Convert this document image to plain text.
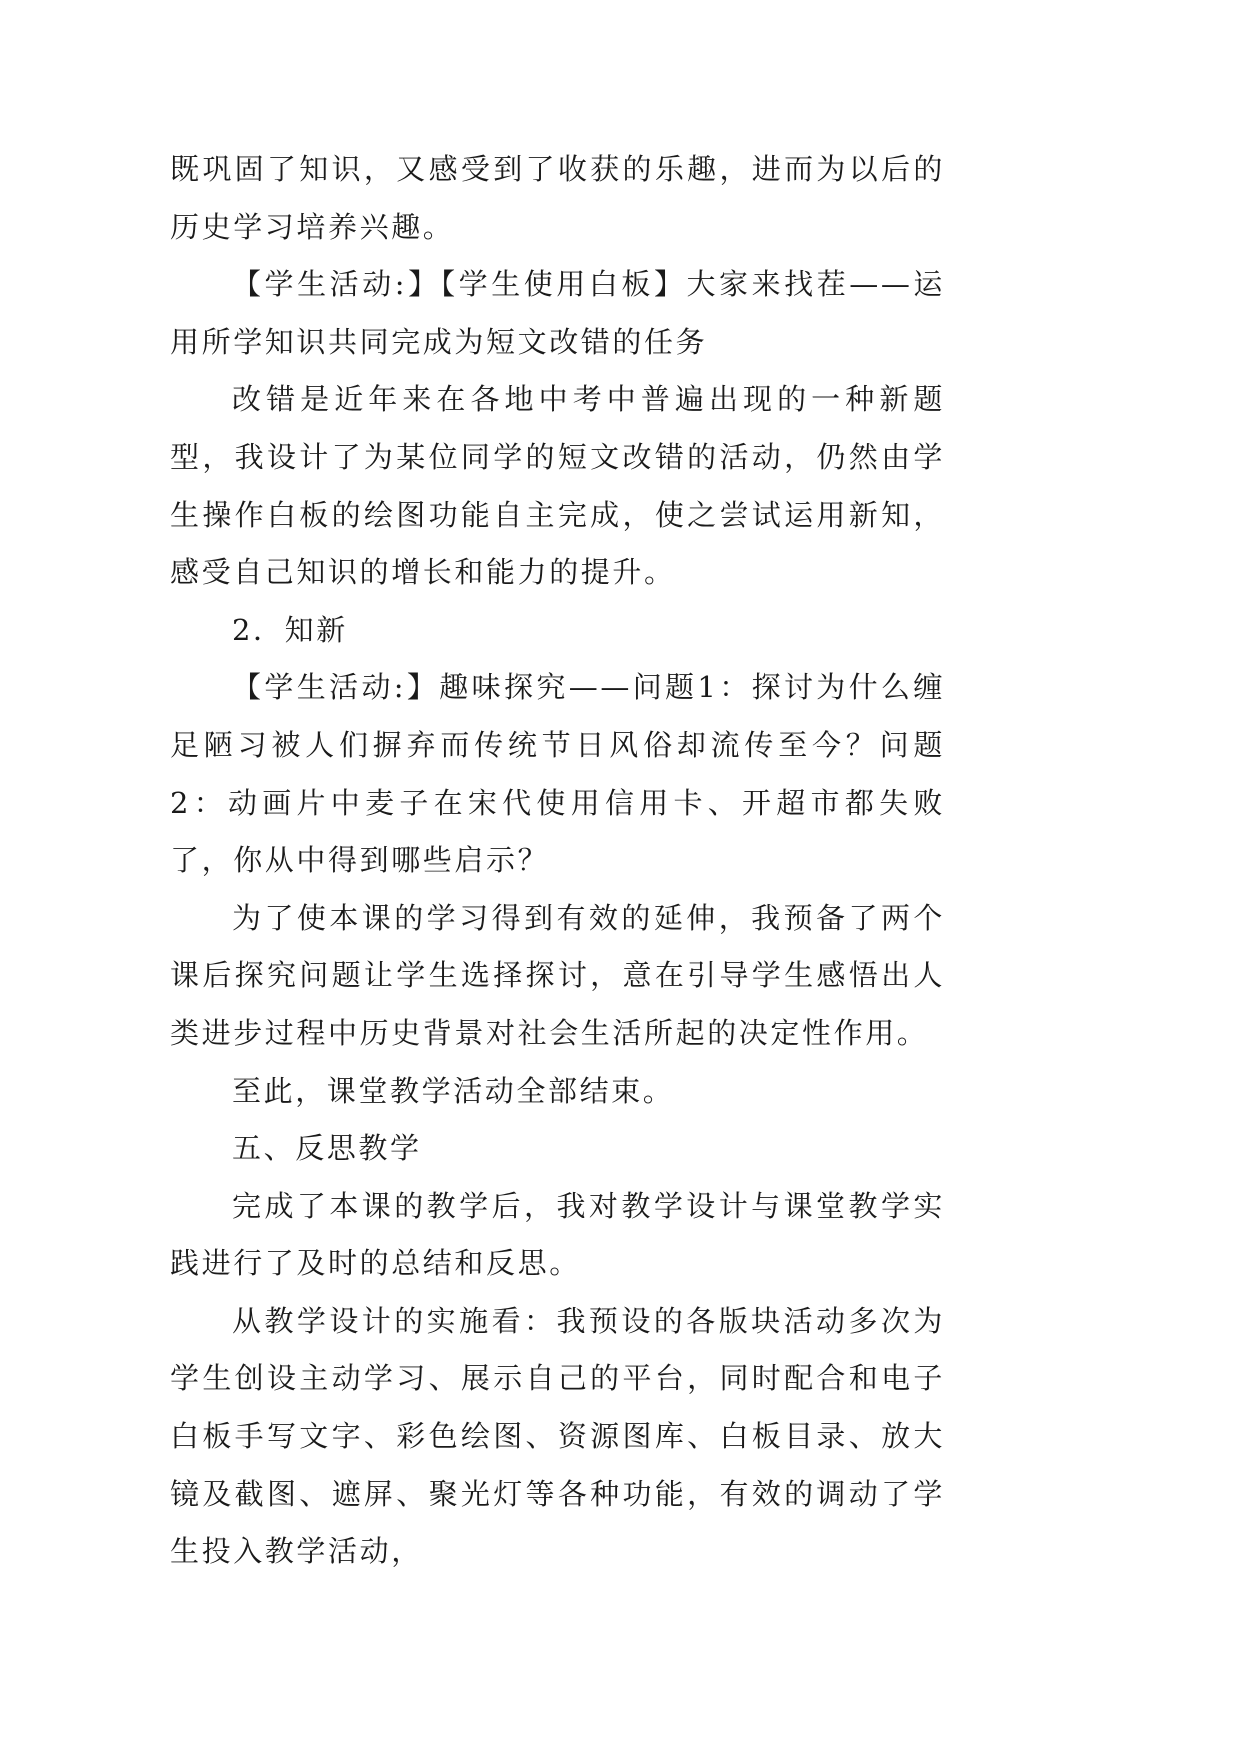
既巩固了知识，又感受到了收获的乐趣，进而为以后的历史学习培养兴趣。

【学生活动:】【学生使用白板】大家来找茬——运用所学知识共同完成为短文改错的任务

改错是近年来在各地中考中普遍出现的一种新题型，我设计了为某位同学的短文改错的活动，仍然由学生操作白板的绘图功能自主完成，使之尝试运用新知，感受自己知识的增长和能力的提升。

2．知新

【学生活动:】趣味探究——问题1：探讨为什么缠足陋习被人们摒弃而传统节日风俗却流传至今？问题2：动画片中麦子在宋代使用信用卡、开超市都失败了，你从中得到哪些启示？

为了使本课的学习得到有效的延伸，我预备了两个课后探究问题让学生选择探讨，意在引导学生感悟出人类进步过程中历史背景对社会生活所起的决定性作用。

至此，课堂教学活动全部结束。

五、反思教学

完成了本课的教学后，我对教学设计与课堂教学实践进行了及时的总结和反思。

从教学设计的实施看：我预设的各版块活动多次为学生创设主动学习、展示自己的平台，同时配合和电子白板手写文字、彩色绘图、资源图库、白板目录、放大镜及截图、遮屏、聚光灯等各种功能，有效的调动了学生投入教学活动，
